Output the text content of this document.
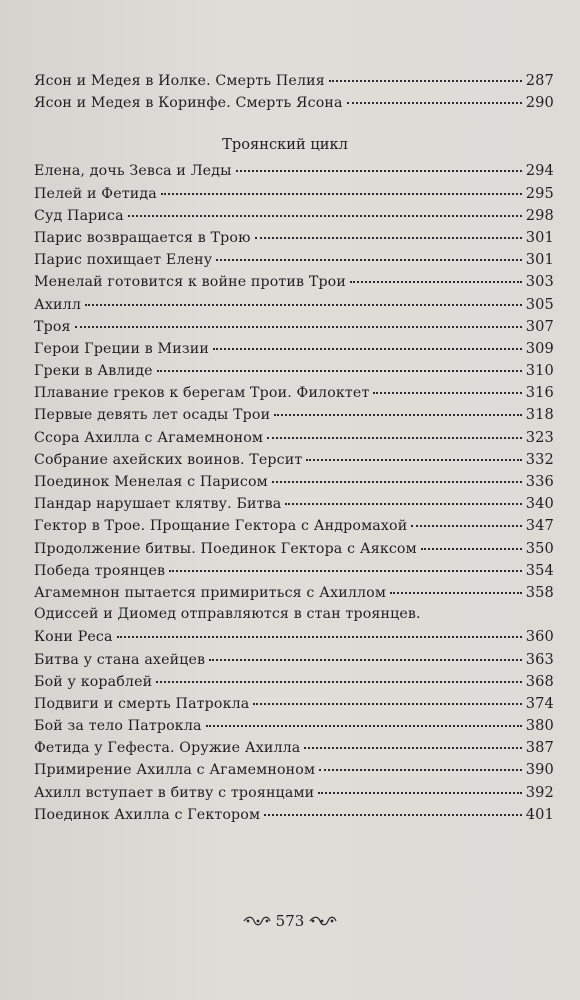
Ясон и Медея в Иолке. Смерть Пелия	287
Ясон и Медея в Коринфе. Смерть Ясона	290
Троянский цикл
Елена, дочь Зевса и Леды	294
Пелей и Фетида	295
Суд Париса	298
Парис возвращается в Трою	301
Парис похищает Елену	301
Менелай готовится к войне против Трои	303
Ахилл	305
Троя	307
Герои Греции в Мизии	309
Греки в Авлиде	310
Плавание греков к берегам Трои. Филоктет	316
Первые девять лет осады Трои	318
Ссора Ахилла с Агамемноном	323
Собрание ахейских воинов. Терсит	332
Поединок Менелая с Парисом	336
Пандар нарушает клятву. Битва	340
Гектор в Трое. Прощание Гектора с Андромахой	347
Продолжение битвы. Поединок Гектора с Аяксом	350
Победа троянцев	354
Агамемнон пытается примириться с Ахиллом	358
Одиссей и Диомед отправляются в стан троянцев.
Кони Реса	360
Битва у стана ахейцев	363
Бой у кораблей	368
Подвиги и смерть Патрокла	374
Бой за тело Патрокла	380
Фетида у Гефеста. Оружие Ахилла	387
Примирение Ахилла с Агамемноном	390
Ахилл вступает в битву с троянцами	392
Поединок Ахилла с Гектором	401
573
